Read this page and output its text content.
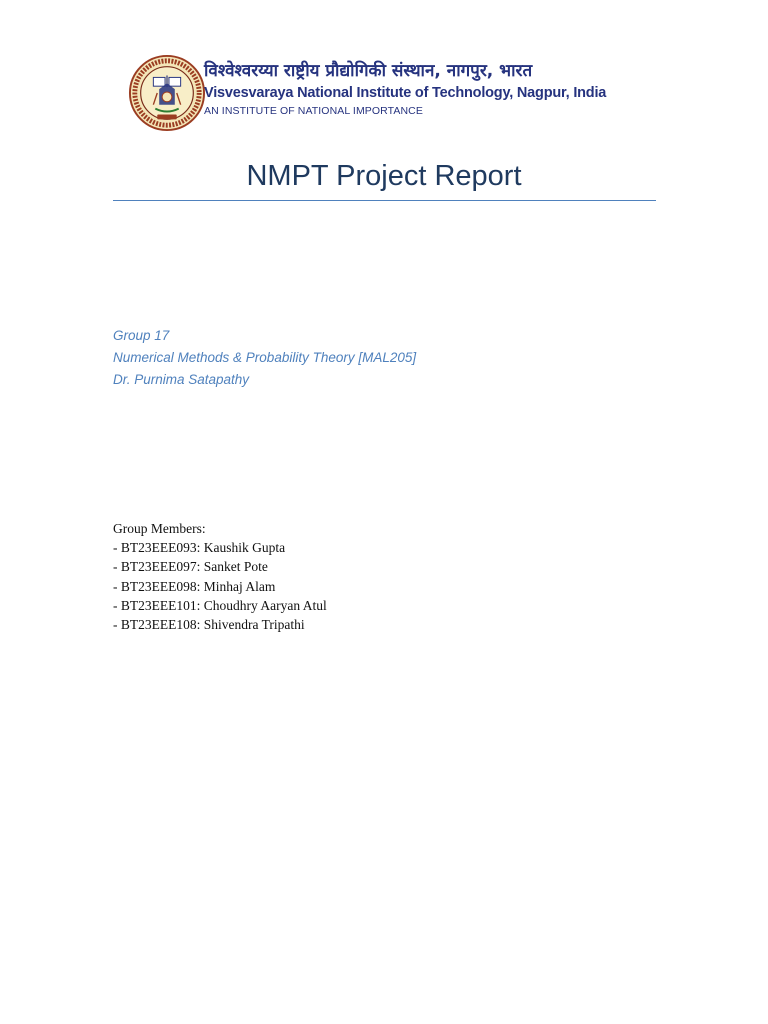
विश्वेश्वरय्या राष्ट्रीय प्रौद्योगिकी संस्थान, नागपुर, भारत
Visvesvaraya National Institute of Technology, Nagpur, India
AN INSTITUTE OF NATIONAL IMPORTANCE
NMPT Project Report
Group 17
Numerical Methods & Probability Theory [MAL205]
Dr. Purnima Satapathy
Group Members:
- BT23EEE093: Kaushik Gupta
- BT23EEE097: Sanket Pote
- BT23EEE098: Minhaj Alam
- BT23EEE101: Choudhry Aaryan Atul
- BT23EEE108: Shivendra Tripathi
